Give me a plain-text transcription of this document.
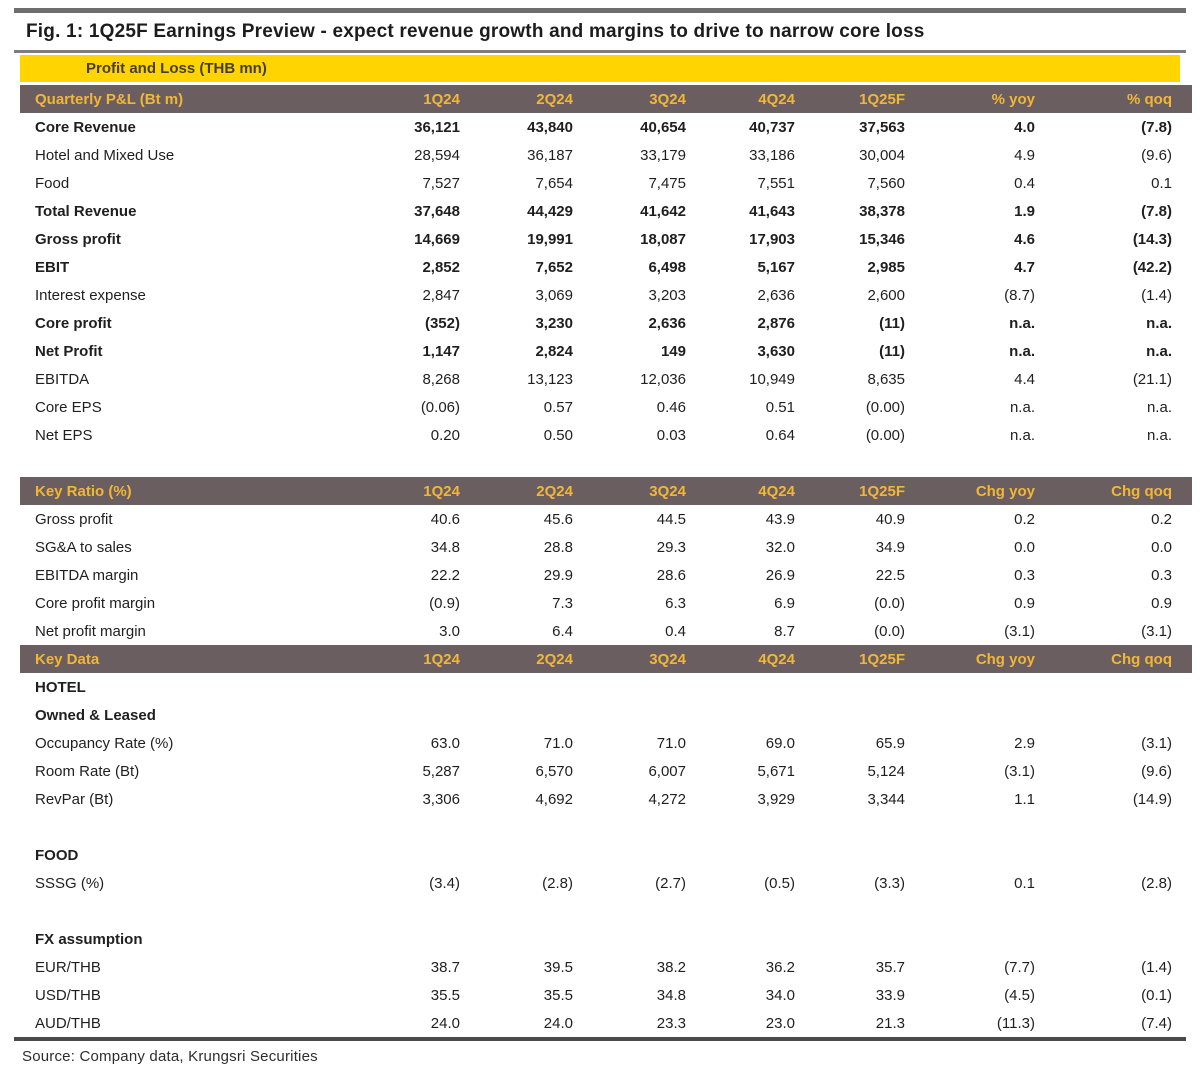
Fig. 1: 1Q25F Earnings Preview - expect revenue growth and margins to drive to narrow core loss
Profit and Loss (THB mn)
Quarterly P&L (Bt m)	1Q24	2Q24	3Q24	4Q24	1Q25F	% yoy	% qoq
Core Revenue	36,121	43,840	40,654	40,737	37,563	4.0	(7.8)
Hotel and Mixed Use	28,594	36,187	33,179	33,186	30,004	4.9	(9.6)
Food	7,527	7,654	7,475	7,551	7,560	0.4	0.1
Total Revenue	37,648	44,429	41,642	41,643	38,378	1.9	(7.8)
Gross profit	14,669	19,991	18,087	17,903	15,346	4.6	(14.3)
EBIT	2,852	7,652	6,498	5,167	2,985	4.7	(42.2)
Interest expense	2,847	3,069	3,203	2,636	2,600	(8.7)	(1.4)
Core profit	(352)	3,230	2,636	2,876	(11)	n.a.	n.a.
Net Profit	1,147	2,824	149	3,630	(11)	n.a.	n.a.
EBITDA	8,268	13,123	12,036	10,949	8,635	4.4	(21.1)
Core EPS	(0.06)	0.57	0.46	0.51	(0.00)	n.a.	n.a.
Net EPS	0.20	0.50	0.03	0.64	(0.00)	n.a.	n.a.
Key Ratio (%)	1Q24	2Q24	3Q24	4Q24	1Q25F	Chg yoy	Chg qoq
Gross profit	40.6	45.6	44.5	43.9	40.9	0.2	0.2
SG&A to sales	34.8	28.8	29.3	32.0	34.9	0.0	0.0
EBITDA margin	22.2	29.9	28.6	26.9	22.5	0.3	0.3
Core profit margin	(0.9)	7.3	6.3	6.9	(0.0)	0.9	0.9
Net profit margin	3.0	6.4	0.4	8.7	(0.0)	(3.1)	(3.1)
Key Data	1Q24	2Q24	3Q24	4Q24	1Q25F	Chg yoy	Chg qoq
HOTEL							
Owned & Leased							
Occupancy Rate (%)	63.0	71.0	71.0	69.0	65.9	2.9	(3.1)
Room Rate (Bt)	5,287	6,570	6,007	5,671	5,124	(3.1)	(9.6)
RevPar (Bt)	3,306	4,692	4,272	3,929	3,344	1.1	(14.9)

FOOD							
SSSG (%)	(3.4)	(2.8)	(2.7)	(0.5)	(3.3)	0.1	(2.8)

FX assumption							
EUR/THB	38.7	39.5	38.2	36.2	35.7	(7.7)	(1.4)
USD/THB	35.5	35.5	34.8	34.0	33.9	(4.5)	(0.1)
AUD/THB	24.0	24.0	23.3	23.0	21.3	(11.3)	(7.4)
Source: Company data, Krungsri Securities
